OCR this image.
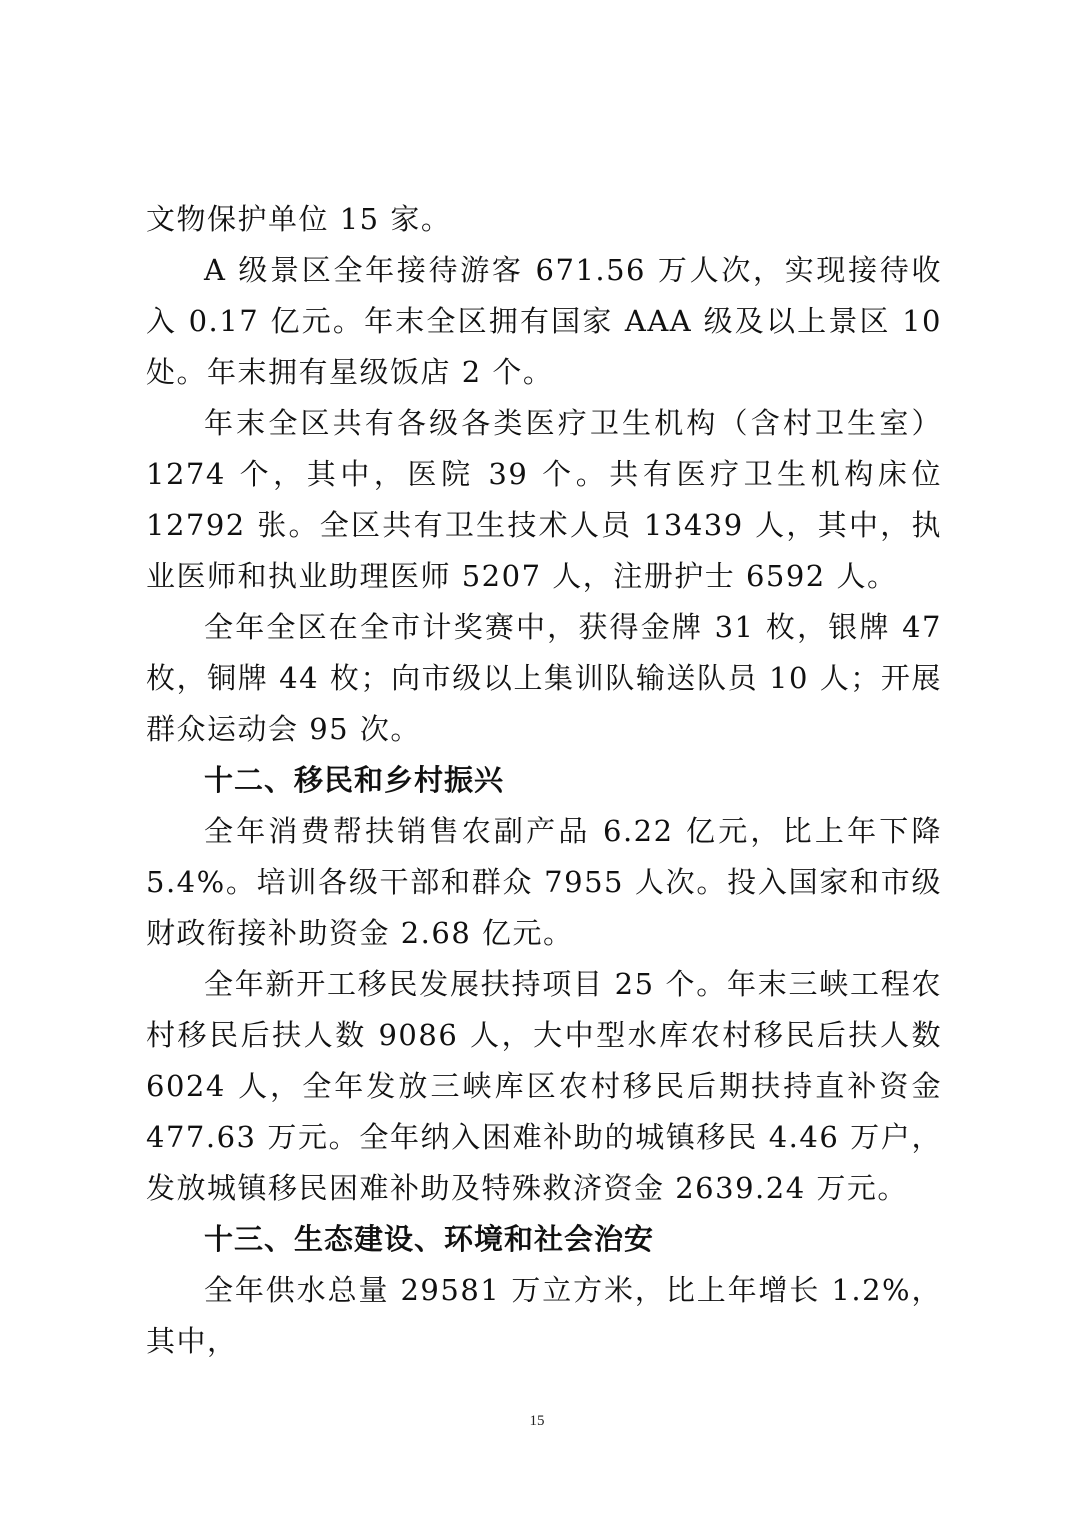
文物保护单位 15 家。

A 级景区全年接待游客 671.56 万人次，实现接待收入 0.17 亿元。年末全区拥有国家 AAA 级及以上景区 10 处。年末拥有星级饭店 2 个。

年末全区共有各级各类医疗卫生机构（含村卫生室）1274 个，其中，医院 39 个。共有医疗卫生机构床位 12792 张。全区共有卫生技术人员 13439 人，其中，执业医师和执业助理医师 5207 人，注册护士 6592 人。

全年全区在全市计奖赛中，获得金牌 31 枚，银牌 47 枚，铜牌 44 枚；向市级以上集训队输送队员 10 人；开展群众运动会 95 次。

十二、移民和乡村振兴

全年消费帮扶销售农副产品 6.22 亿元，比上年下降 5.4%。培训各级干部和群众 7955 人次。投入国家和市级财政衔接补助资金 2.68 亿元。

全年新开工移民发展扶持项目 25 个。年末三峡工程农村移民后扶人数 9086 人，大中型水库农村移民后扶人数 6024 人，全年发放三峡库区农村移民后期扶持直补资金 477.63 万元。全年纳入困难补助的城镇移民 4.46 万户，发放城镇移民困难补助及特殊救济资金 2639.24 万元。

十三、生态建设、环境和社会治安

全年供水总量 29581 万立方米，比上年增长 1.2%，其中，

15
